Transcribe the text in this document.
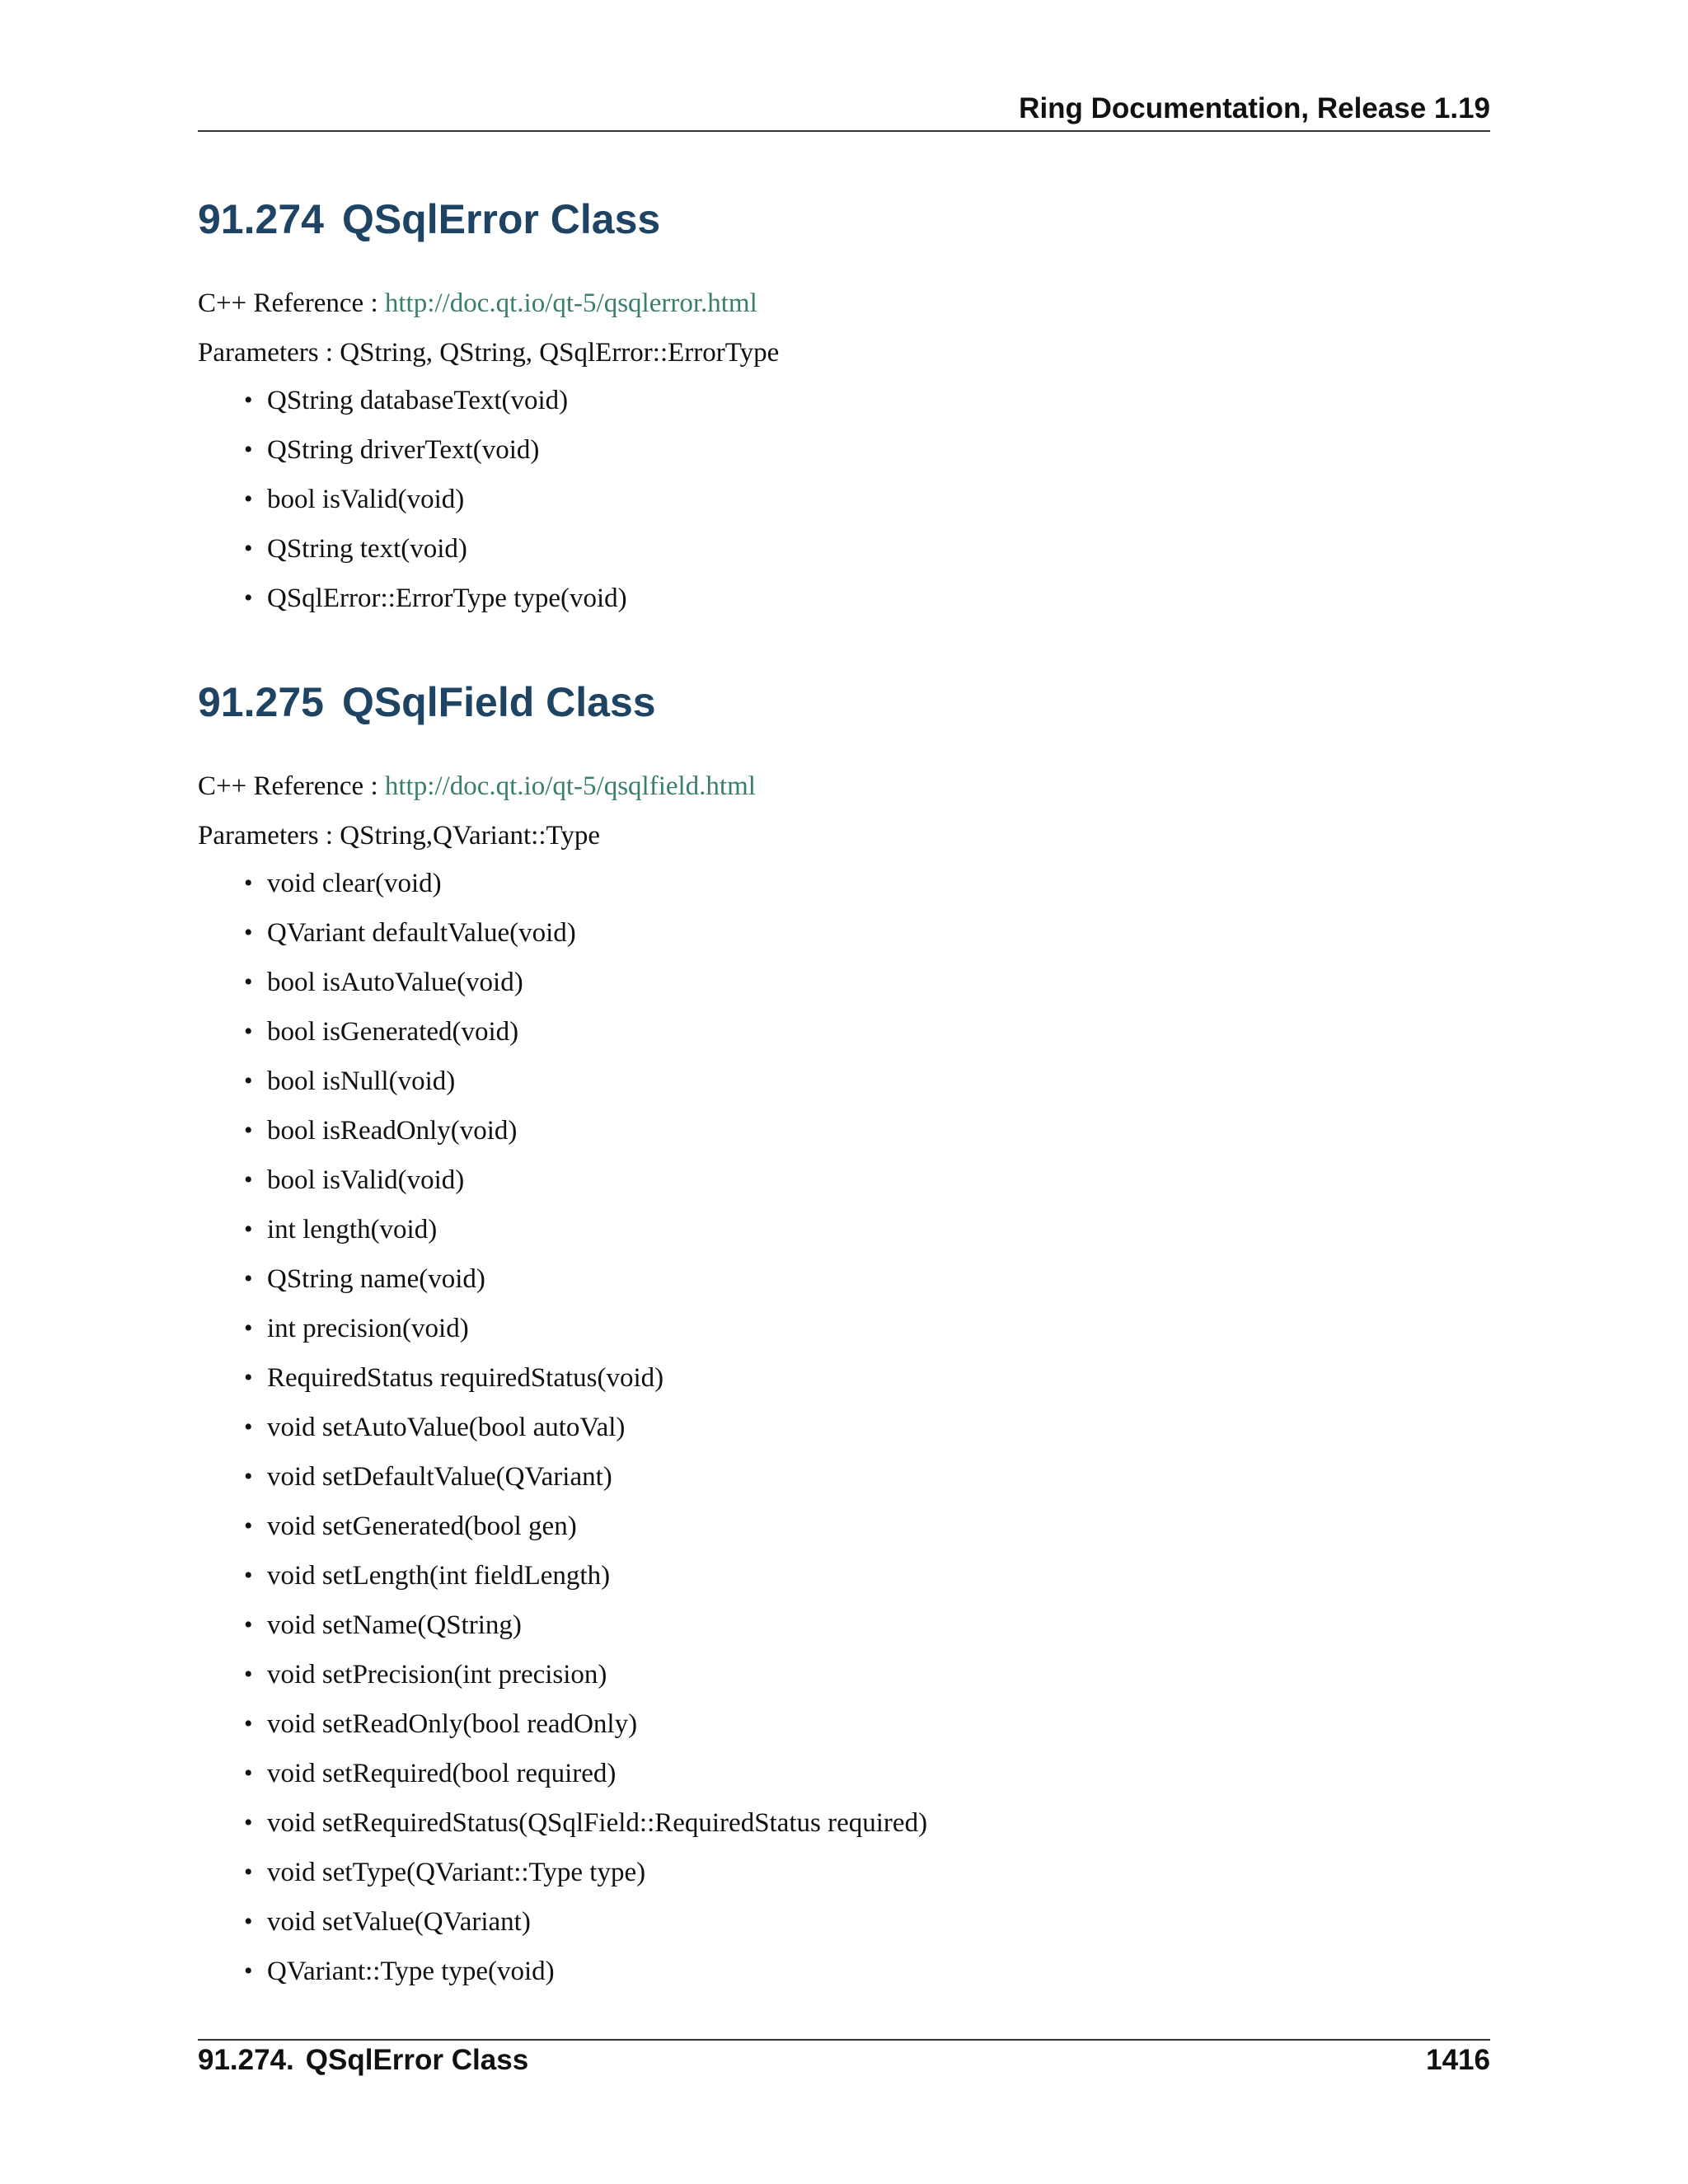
Ring Documentation, Release 1.19
91.274 QSqlError Class
C++ Reference : http://doc.qt.io/qt-5/qsqlerror.html
Parameters : QString, QString, QSqlError::ErrorType
• QString databaseText(void)
• QString driverText(void)
• bool isValid(void)
• QString text(void)
• QSqlError::ErrorType type(void)
91.275 QSqlField Class
C++ Reference : http://doc.qt.io/qt-5/qsqlfield.html
Parameters : QString,QVariant::Type
• void clear(void)
• QVariant defaultValue(void)
• bool isAutoValue(void)
• bool isGenerated(void)
• bool isNull(void)
• bool isReadOnly(void)
• bool isValid(void)
• int length(void)
• QString name(void)
• int precision(void)
• RequiredStatus requiredStatus(void)
• void setAutoValue(bool autoVal)
• void setDefaultValue(QVariant)
• void setGenerated(bool gen)
• void setLength(int fieldLength)
• void setName(QString)
• void setPrecision(int precision)
• void setReadOnly(bool readOnly)
• void setRequired(bool required)
• void setRequiredStatus(QSqlField::RequiredStatus required)
• void setType(QVariant::Type type)
• void setValue(QVariant)
• QVariant::Type type(void)
91.274. QSqlError Class	1416
